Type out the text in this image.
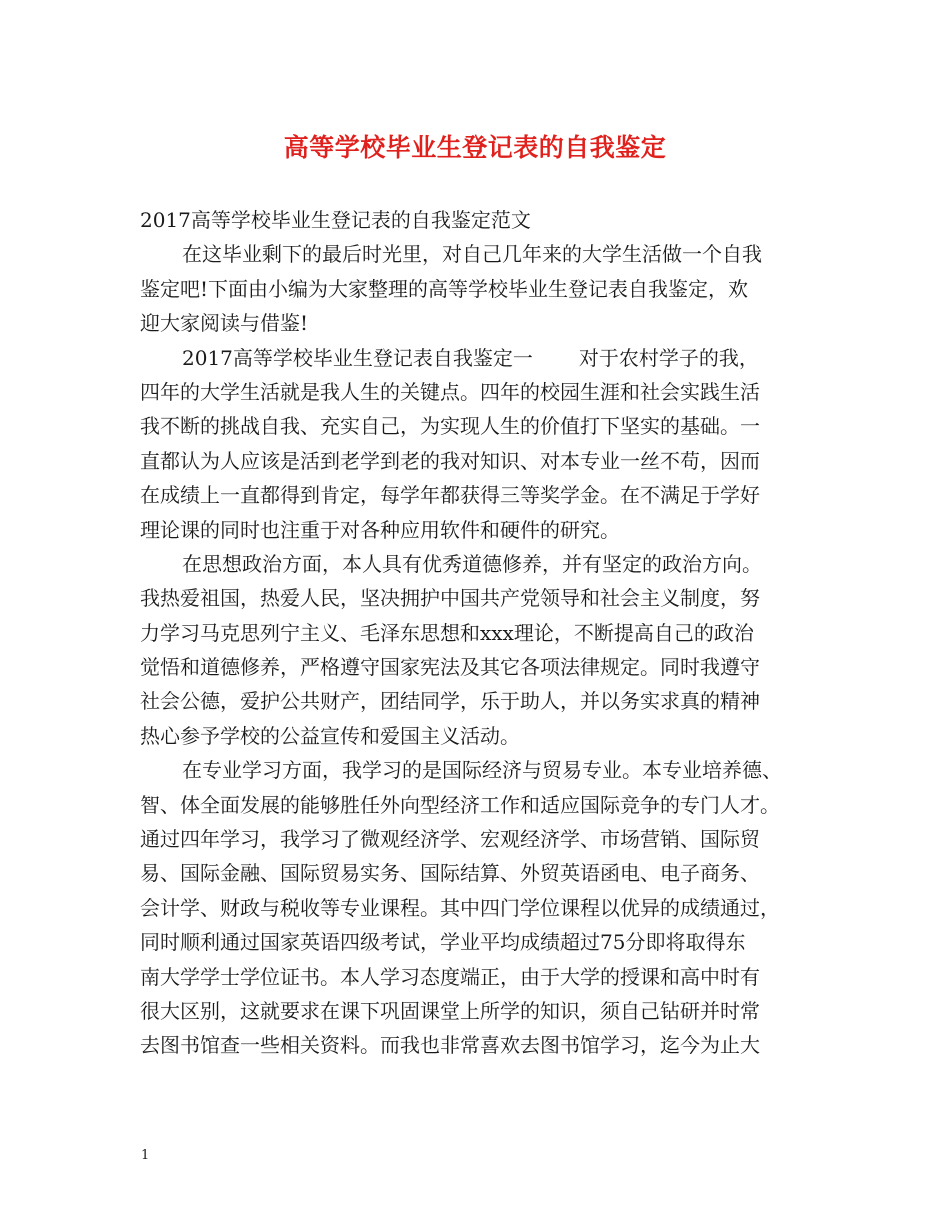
高等学校毕业生登记表的自我鉴定
2017高等学校毕业生登记表的自我鉴定范文
在这毕业剩下的最后时光里，对自己几年来的大学生活做一个自我
鉴定吧!下面由小编为大家整理的高等学校毕业生登记表自我鉴定，欢
迎大家阅读与借鉴!
2017高等学校毕业生登记表自我鉴定一 对于农村学子的我，
四年的大学生活就是我人生的关键点。四年的校园生涯和社会实践生活
我不断的挑战自我、充实自己，为实现人生的价值打下坚实的基础。一
直都认为人应该是活到老学到老的我对知识、对本专业一丝不苟，因而
在成绩上一直都得到肯定，每学年都获得三等奖学金。在不满足于学好
理论课的同时也注重于对各种应用软件和硬件的研究。
在思想政治方面，本人具有优秀道德修养，并有坚定的政治方向。
我热爱祖国，热爱人民，坚决拥护中国共产党领导和社会主义制度，努
力学习马克思列宁主义、毛泽东思想和xxx理论，不断提高自己的政治
觉悟和道德修养，严格遵守国家宪法及其它各项法律规定。同时我遵守
社会公德，爱护公共财产，团结同学，乐于助人，并以务实求真的精神
热心参予学校的公益宣传和爱国主义活动。
在专业学习方面，我学习的是国际经济与贸易专业。本专业培养德、
智、体全面发展的能够胜任外向型经济工作和适应国际竞争的专门人才。
通过四年学习，我学习了微观经济学、宏观经济学、市场营销、国际贸
易、国际金融、国际贸易实务、国际结算、外贸英语函电、电子商务、
会计学、财政与税收等专业课程。其中四门学位课程以优异的成绩通过，
同时顺利通过国家英语四级考试，学业平均成绩超过75分即将取得东
南大学学士学位证书。本人学习态度端正，由于大学的授课和高中时有
很大区别，这就要求在课下巩固课堂上所学的知识，须自己钻研并时常
去图书馆查一些相关资料。而我也非常喜欢去图书馆学习，迄今为止大
1
